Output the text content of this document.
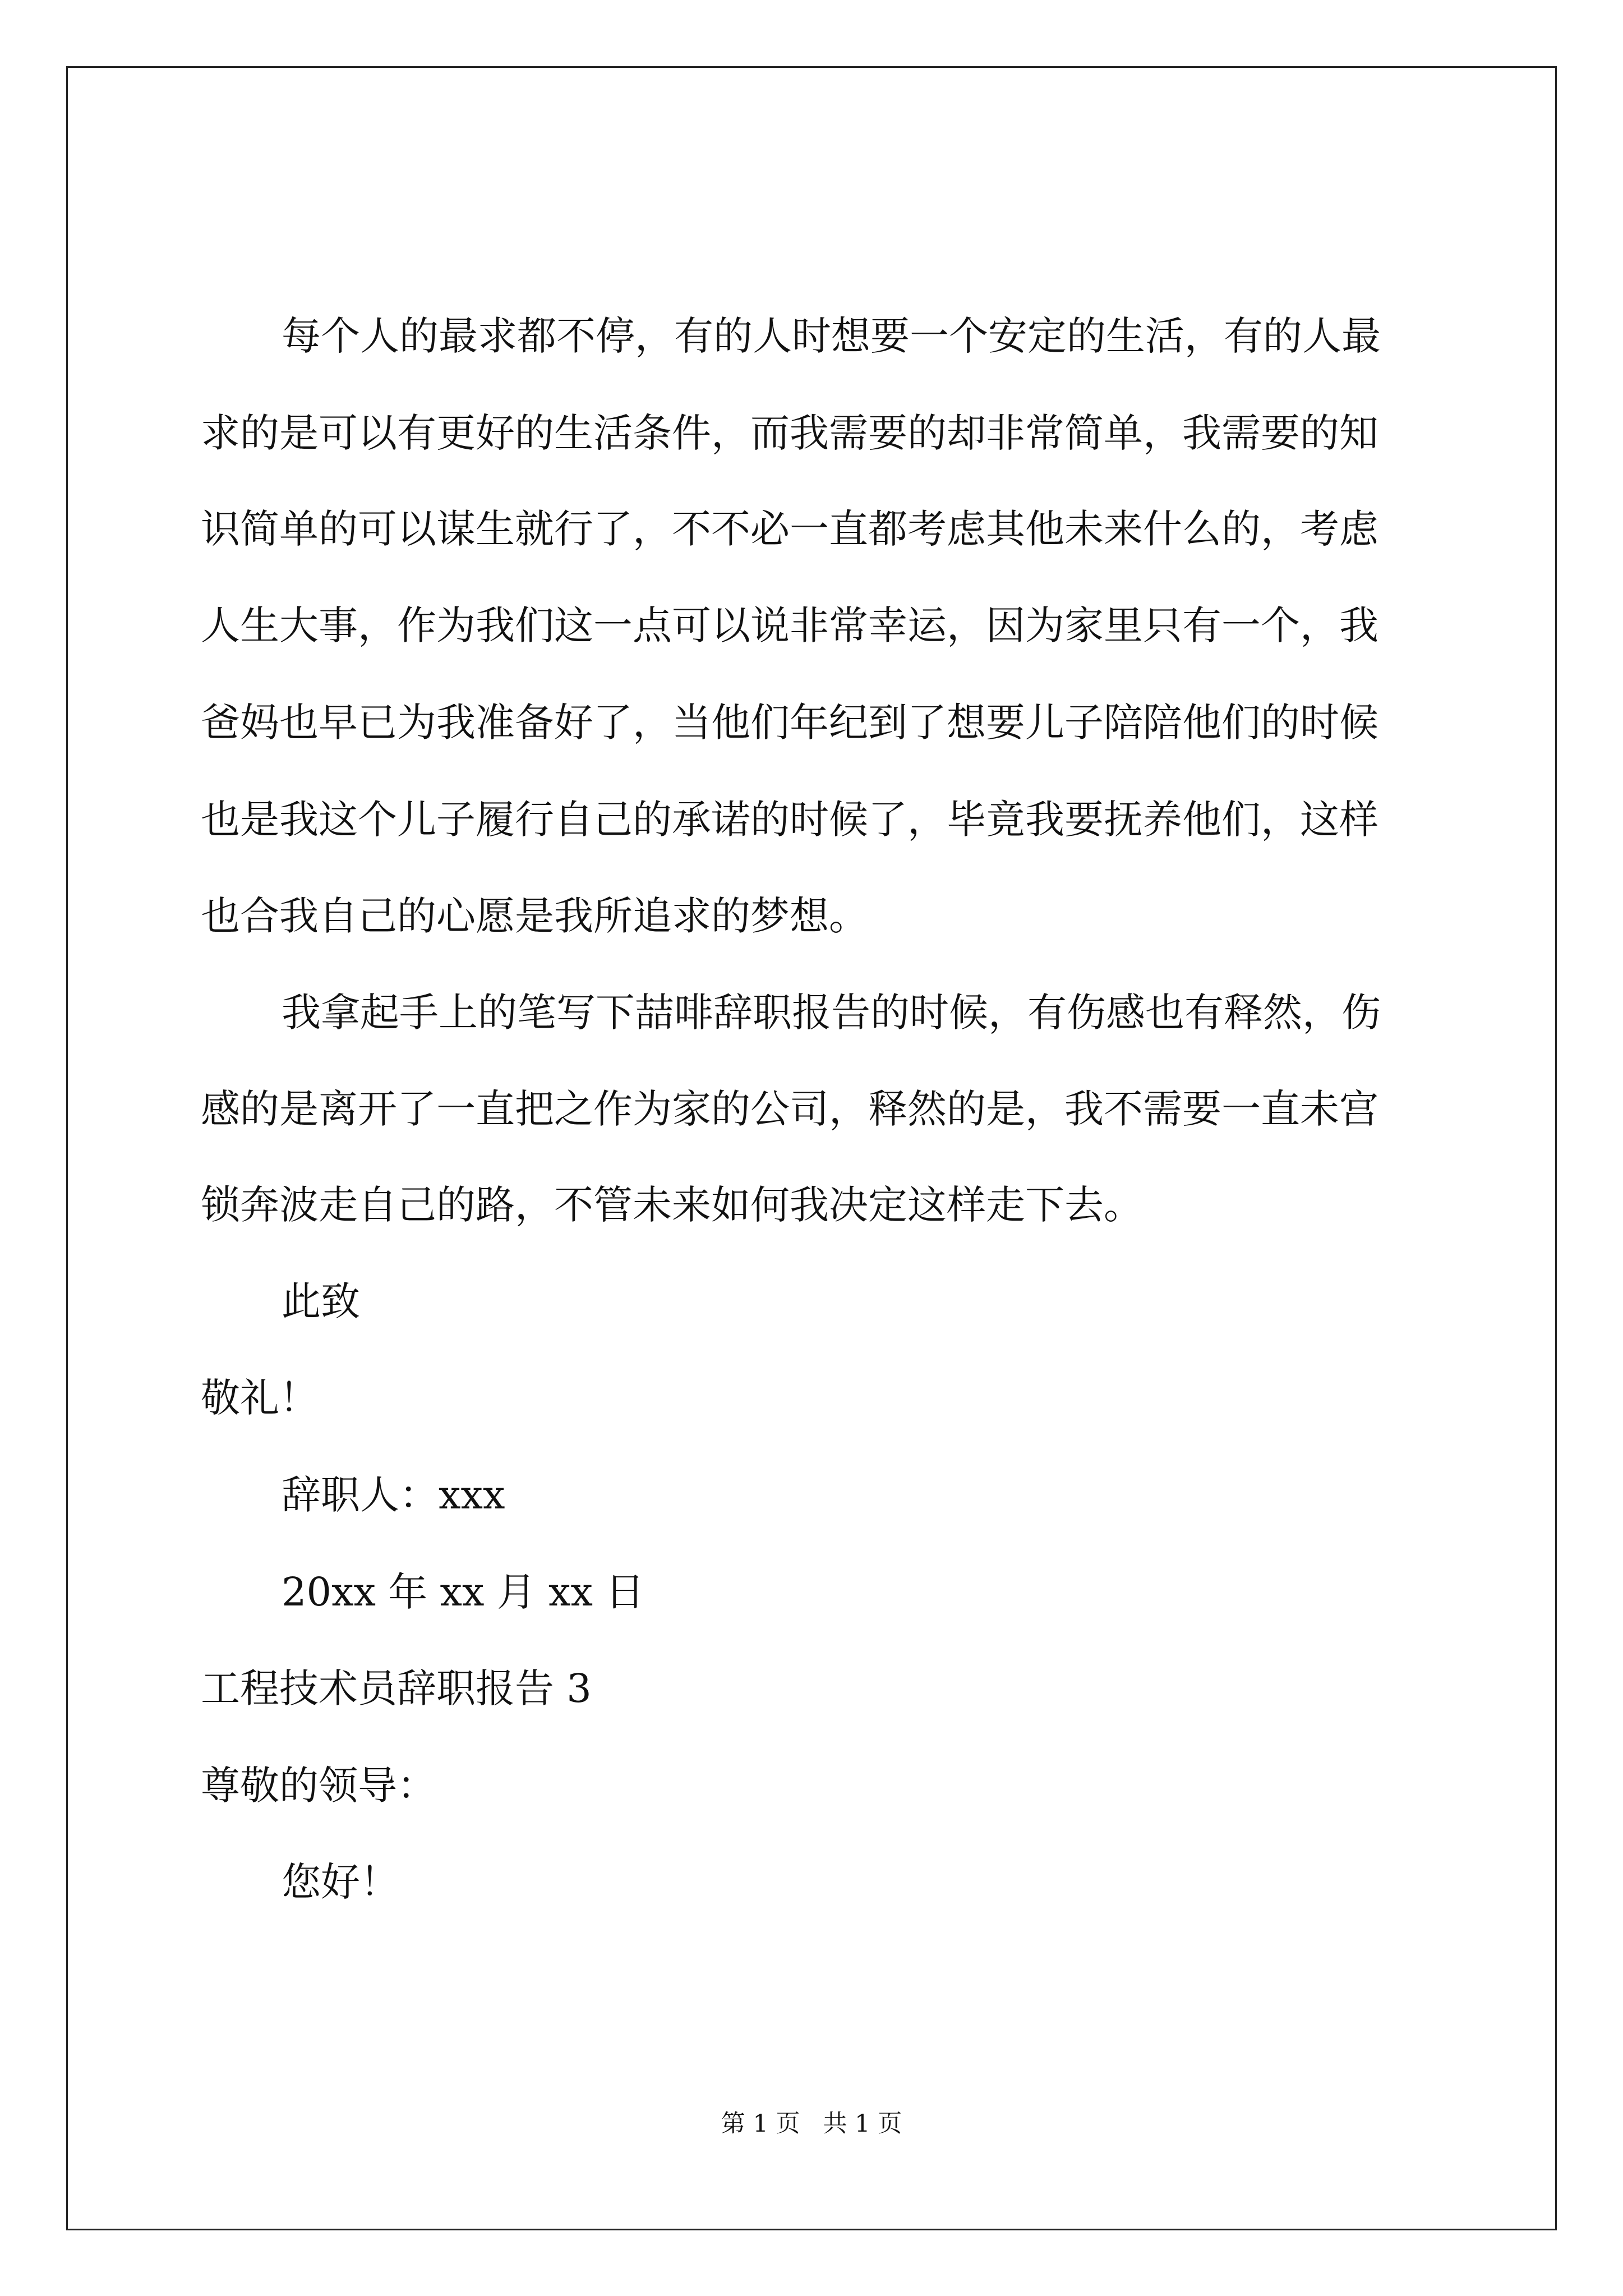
每个人的最求都不停，有的人时想要一个安定的生活，有的人最
求的是可以有更好的生活条件，而我需要的却非常简单，我需要的知
识简单的可以谋生就行了，不不必一直都考虑其他未来什么的，考虑
人生大事，作为我们这一点可以说非常幸运，因为家里只有一个，我
爸妈也早已为我准备好了，当他们年纪到了想要儿子陪陪他们的时候
也是我这个儿子履行自己的承诺的时候了，毕竟我要抚养他们，这样
也合我自己的心愿是我所追求的梦想。
我拿起手上的笔写下喆啡辞职报告的时候，有伤感也有释然，伤
感的是离开了一直把之作为家的公司，释然的是，我不需要一直未宫
锁奔波走自己的路，不管未来如何我决定这样走下去。
此致
敬礼！
辞职人：xxx
20xx 年 xx 月 xx 日
工程技术员辞职报告 3
尊敬的领导：
您好！
第 1 页   共 1 页
